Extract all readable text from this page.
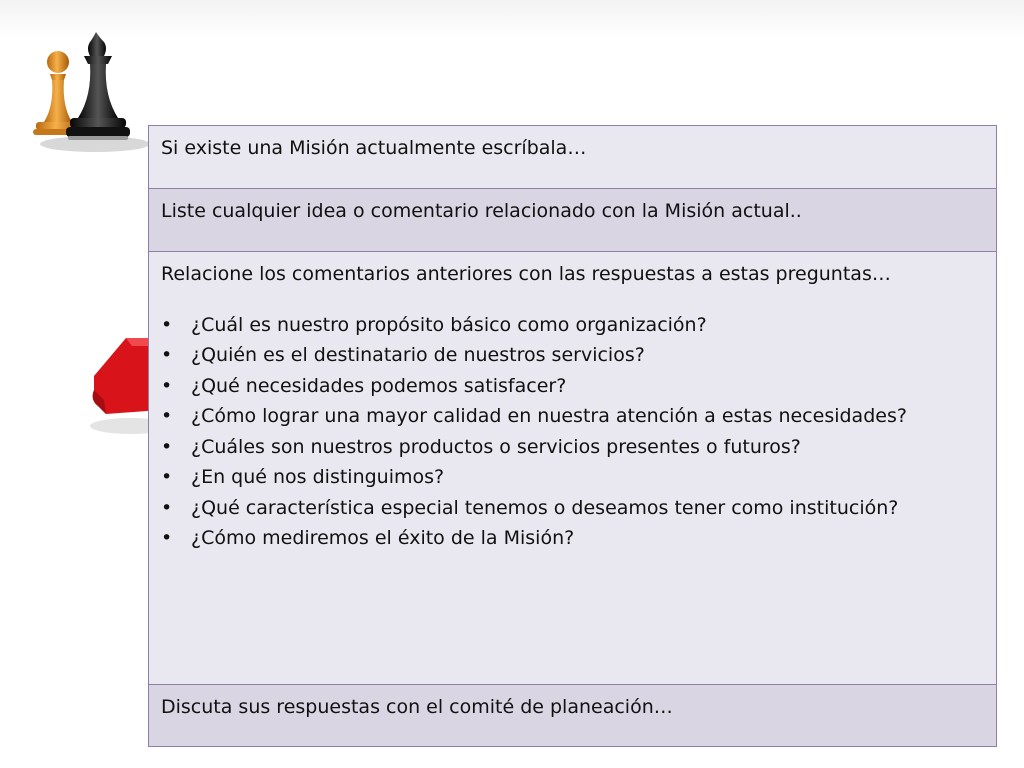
Si existe una Misión actualmente escríbala…
Liste cualquier idea o comentario relacionado con la Misión actual..
Relacione los comentarios anteriores con las respuestas a estas preguntas…
• ¿Cuál es nuestro propósito básico como organización?
• ¿Quién es el destinatario de nuestros servicios?
• ¿Qué necesidades podemos satisfacer?
• ¿Cómo lograr una mayor calidad en nuestra atención a estas necesidades?
• ¿Cuáles son nuestros productos o servicios presentes o futuros?
• ¿En qué nos distinguimos?
• ¿Qué característica especial tenemos o deseamos tener como institución?
• ¿Cómo mediremos el éxito de la Misión?
Discuta sus respuestas con el comité de planeación…
